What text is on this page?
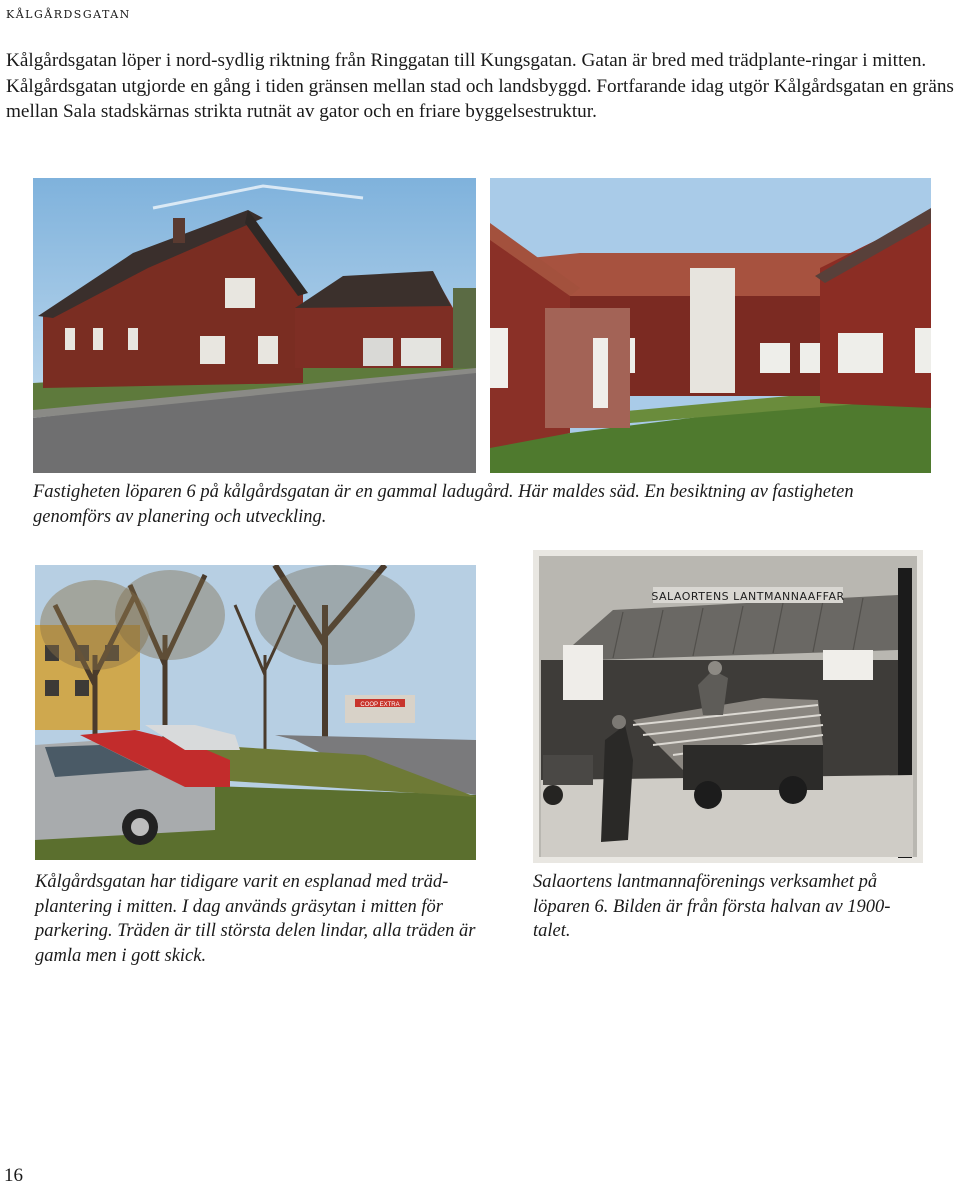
kålgårdsgatan
Kålgårdsgatan löper i nord-sydlig riktning från Ringgatan till Kungsgatan. Gatan är bred med trädplante-ringar i mitten. Kålgårdsgatan utgjorde en gång i tiden gränsen mellan stad och landsbyggd. Fortfarande idag utgör Kålgårdsgatan en gräns mellan Sala stadskärnas strikta rutnät av gator och en friare byggelsestruktur.
Fastigheten löparen 6 på kålgårdsgatan är en gammal ladugård. Här maldes säd. En besiktning av fastigheten genomförs av planering och utveckling.
COOP EXTRA
SALAORTENS LANTMANNAAFFAR
Kålgårdsgatan har tidigare varit en esplanad med träd-plantering i mitten. I dag används gräsytan i mitten för parkering. Träden är till största delen lindar, alla träden är gamla men i gott skick.
Salaortens lantmannaförenings verksamhet på löparen 6. Bilden är från första halvan av 1900-talet.
16
